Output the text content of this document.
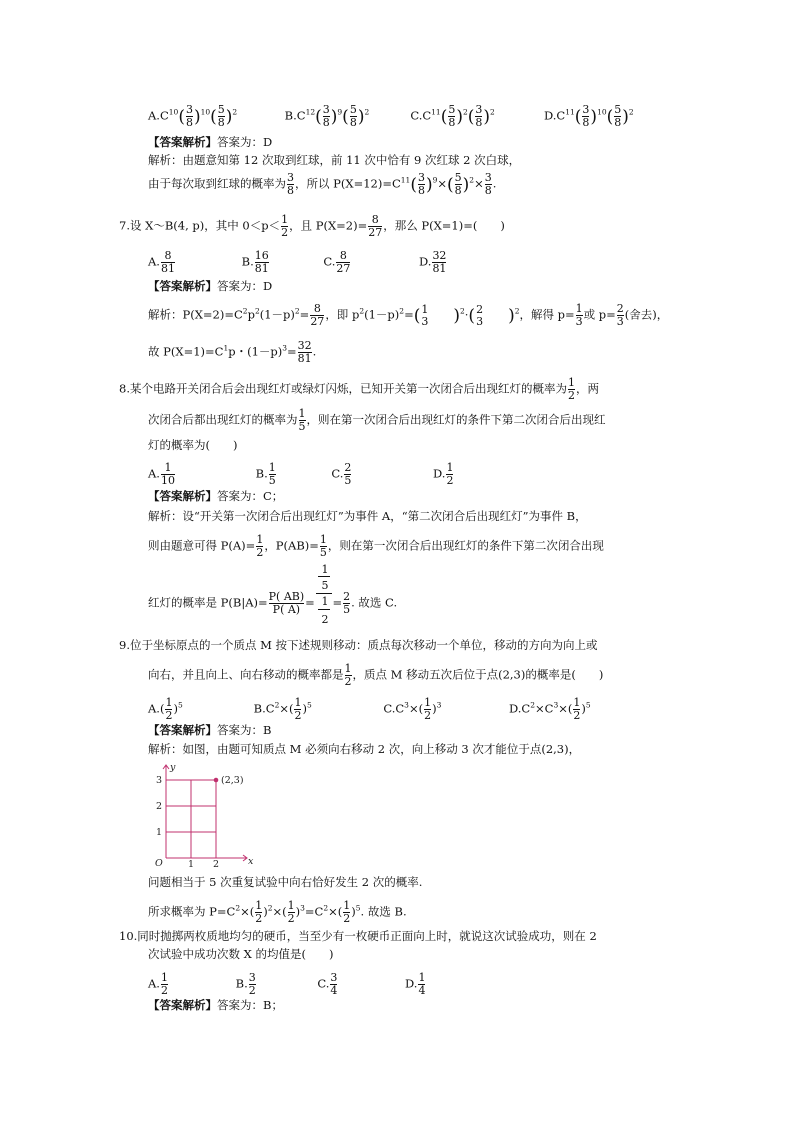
$A.C^{10}( \frac{3}{8} )^{10}( \frac{5}{8} )^2$	$B.C^{12}( \frac{3}{8} )^9( \frac{5}{8} )^2$	$C.C^{11}( \frac{5}{8} )^2( \frac{3}{8} )^2$	$D.C^{11}( \frac{3}{8} )^{10}( \frac{5}{8} )^2$
【答案解析】答案为：D
解析：由题意知第 12 次取到红球，前 11 次中恰有 9 次红球 2 次白球，
由于每次取到红球的概率为 $\frac{3}{8}$ ，所以 $P(X=12)=C^{11}( \frac{3}{8} )^9\times( \frac{5}{8} )^2\times \frac{3}{8}$ .
7.设 X～B(4, p)，其中 $0<p< \frac{1}{2}$ ，且 $P(X=2)= \frac{8}{27}$ ，那么 P(X=1)=(　　)
A. $\frac{8}{81}$	B. $\frac{16}{81}$	C. $\frac{8}{27}$	D. $\frac{32}{81}$
【答案解析】答案为：D
解析：$P(X=2)=C^2p^2(1-p)^2= \frac{8}{27}$ ，即 $p^2(1-p)^2=$( 1
3 )$^2$·( 2
3 )$^2$，解得 $p= \frac{1}{3}$ 或 $p= \frac{2}{3}$ (舍去)，
故 $P(X=1)=C^1p$・$(1-p)^3= \frac{32}{81}$ .
8.某个电路开关闭合后会出现红灯或绿灯闪烁，已知开关第一次闭合后出现红灯的概率为 $\frac{1}{2}$ ，两
次闭合后都出现红灯的概率为 $\frac{1}{5}$ ，则在第一次闭合后出现红灯的条件下第二次闭合后出现红
灯的概率为(　　)
A. $\frac{1}{10}$	B. $\frac{1}{5}$	C. $\frac{2}{5}$	D. $\frac{1}{2}$
【答案解析】答案为：C；
解析：设“开关第一次闭合后出现红灯”为事件 A，“第二次闭合后出现红灯”为事件 B，
则由题意可得 $P(A)= \frac{1}{2}$ ，$P(AB)= \frac{1}{5}$ ，则在第一次闭合后出现红灯的条件下第二次闭合出现
红灯的概率是 $P(B|A)= \frac{P( AB)}{P( A)}$ =
1
5
1
2
= $\frac{2}{5}$ . 故选 C.
9.位于坐标原点的一个质点 M 按下述规则移动：质点每次移动一个单位，移动的方向为向上或
向右，并且向上、向右移动的概率都是 $\frac{1}{2}$ ，质点 M 移动五次后位于点(2,3)的概率是(　　)
$A.( \frac{1}{2} )^5$	$B.C^2\times( \frac{1}{2} )^5$	$C.C^3\times( \frac{1}{2} )^3$	$D.C^2\times C^3\times( \frac{1}{2} )^5$
【答案解析】答案为：B
解析：如图，由题可知质点 M 必须向右移动 2 次，向上移动 3 次才能位于点(2,3)，
y
x
O	1 2
1
2
3	(2,3)
问题相当于 5 次重复试验中向右恰好发生 2 次的概率.
所求概率为 $P=C^2\times( \frac{1}{2} )^2\times( \frac{1}{2} )^3=C^2\times( \frac{1}{2} )^5$. 故选 B.
10.同时抛掷两枚质地均匀的硬币，当至少有一枚硬币正面向上时，就说这次试验成功，则在 2
次试验中成功次数 X 的均值是(　　)
A. $\frac{1}{2}$	B. $\frac{3}{2}$	C. $\frac{3}{4}$	D. $\frac{1}{4}$
【答案解析】答案为：B；
